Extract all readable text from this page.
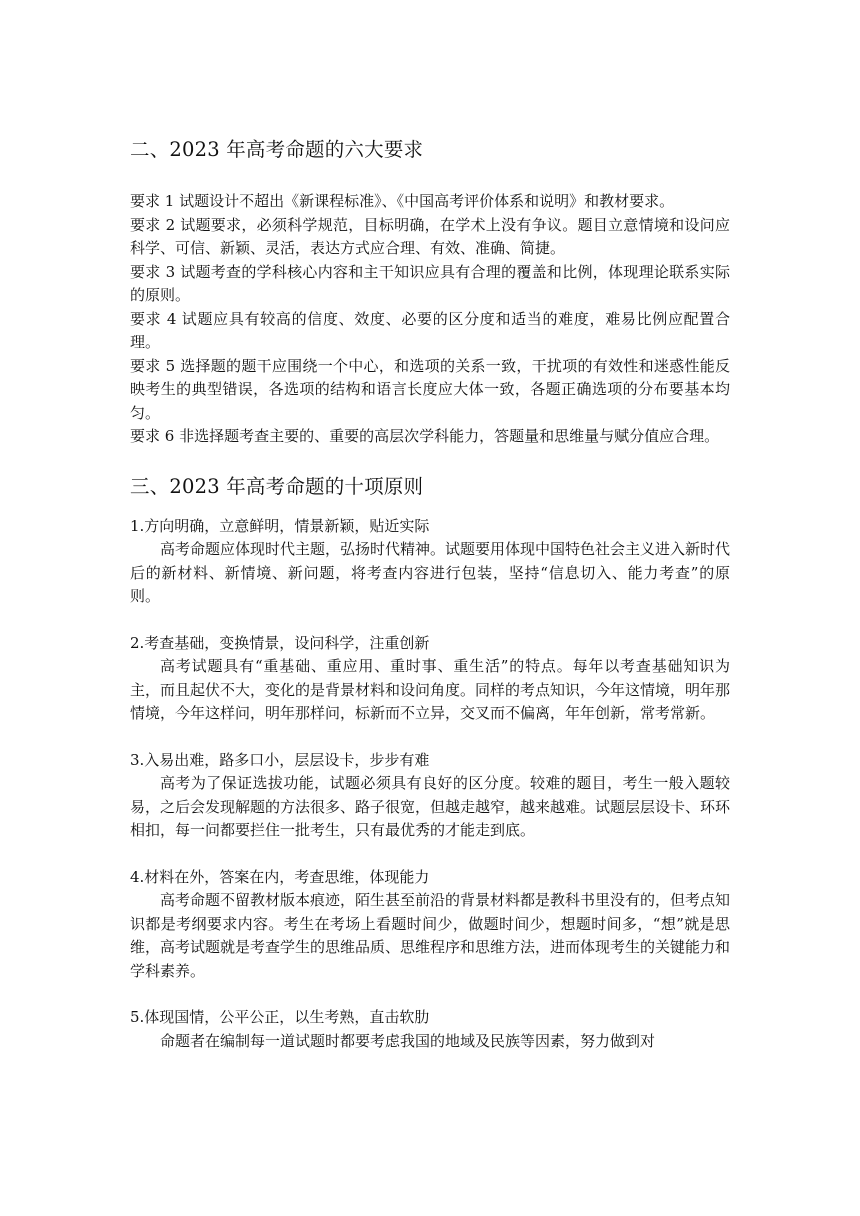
二、2023 年高考命题的六大要求

要求 1 试题设计不超出《新课程标准》、《中国高考评价体系和说明》和教材要求。

要求 2 试题要求，必须科学规范，目标明确，在学术上没有争议。题目立意情境和设问应科学、可信、新颖、灵活，表达方式应合理、有效、准确、简捷。

要求 3 试题考查的学科核心内容和主干知识应具有合理的覆盖和比例，体现理论联系实际的原则。

要求 4 试题应具有较高的信度、效度、必要的区分度和适当的难度，难易比例应配置合理。

要求 5 选择题的题干应围绕一个中心，和选项的关系一致，干扰项的有效性和迷惑性能反映考生的典型错误，各选项的结构和语言长度应大体一致，各题正确选项的分布要基本均匀。

要求 6 非选择题考查主要的、重要的高层次学科能力，答题量和思维量与赋分值应合理。

三、2023 年高考命题的十项原则

1.方向明确，立意鲜明，情景新颖，贴近实际

高考命题应体现时代主题，弘扬时代精神。试题要用体现中国特色社会主义进入新时代后的新材料、新情境、新问题，将考查内容进行包装，坚持“信息切入、能力考查”的原则。

2.考查基础，变换情景，设问科学，注重创新

高考试题具有“重基础、重应用、重时事、重生活”的特点。每年以考查基础知识为主，而且起伏不大，变化的是背景材料和设问角度。同样的考点知识，今年这情境，明年那情境，今年这样问，明年那样问，标新而不立异，交叉而不偏离，年年创新，常考常新。

3.入易出难，路多口小，层层设卡，步步有难

高考为了保证选拔功能，试题必须具有良好的区分度。较难的题目，考生一般入题较易，之后会发现解题的方法很多、路子很宽，但越走越窄，越来越难。试题层层设卡、环环相扣，每一问都要拦住一批考生，只有最优秀的才能走到底。

4.材料在外，答案在内，考查思维，体现能力

高考命题不留教材版本痕迹，陌生甚至前沿的背景材料都是教科书里没有的，但考点知识都是考纲要求内容。考生在考场上看题时间少，做题时间少，想题时间多，“想”就是思维，高考试题就是考查学生的思维品质、思维程序和思维方法，进而体现考生的关键能力和学科素养。

5.体现国情，公平公正，以生考熟，直击软肋

命题者在编制每一道试题时都要考虑我国的地域及民族等因素，努力做到对
